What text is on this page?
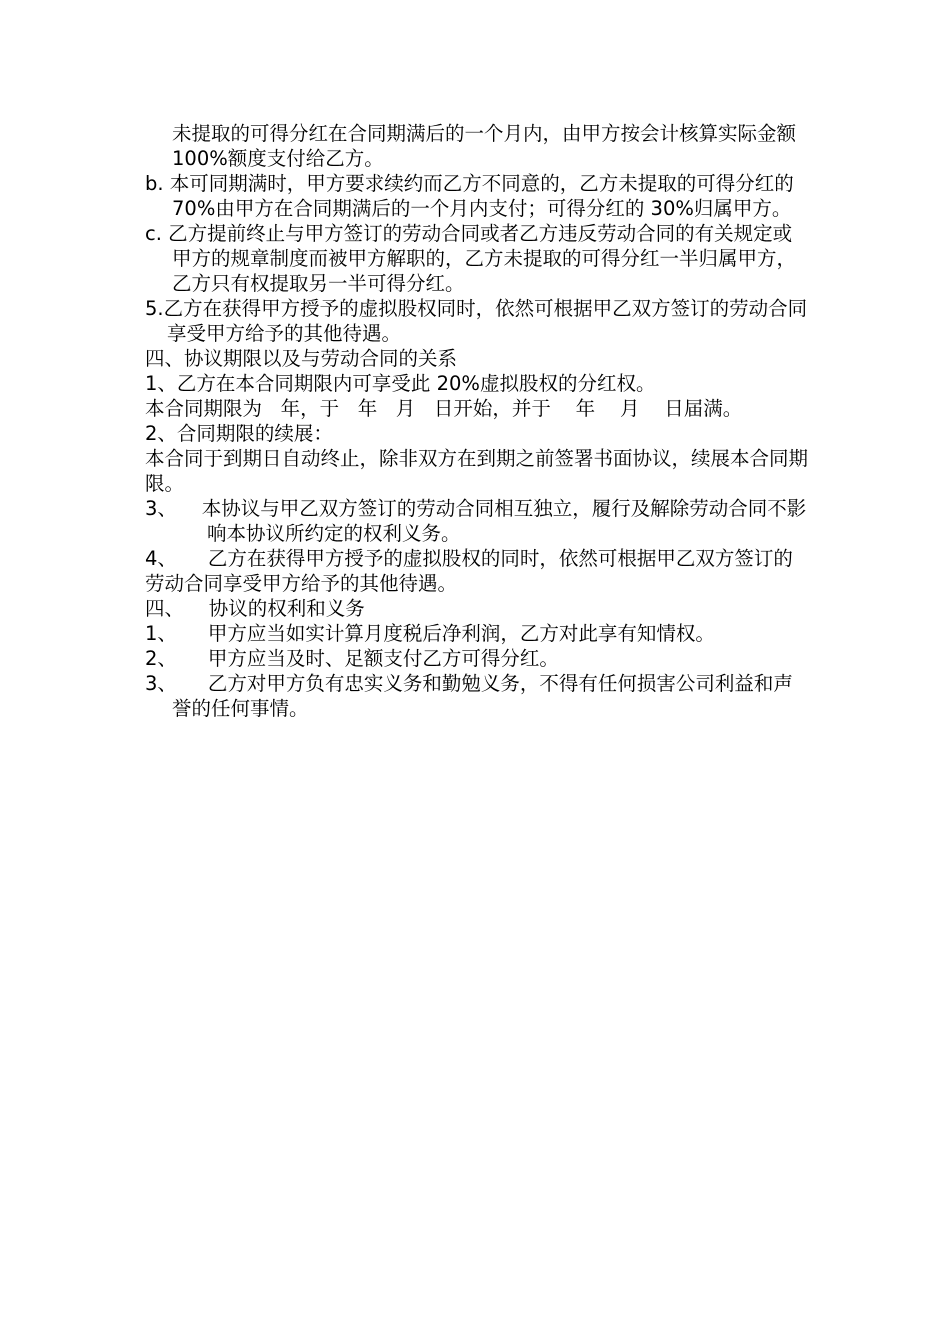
未提取的可得分红在合同期满后的一个月内，由甲方按会计核算实际金额 100%额度支付给乙方。

b. 本可同期满时，甲方要求续约而乙方不同意的，乙方未提取的可得分红的 70%由甲方在合同期满后的一个月内支付；可得分红的 30%归属甲方。

c. 乙方提前终止与甲方签订的劳动合同或者乙方违反劳动合同的有关规定或甲方的规章制度而被甲方解职的，乙方未提取的可得分红一半归属甲方，乙方只有权提取另一半可得分红。

5.乙方在获得甲方授予的虚拟股权同时，依然可根据甲乙双方签订的劳动合同享受甲方给予的其他待遇。

四、协议期限以及与劳动合同的关系

1、乙方在本合同期限内可享受此 20%虚拟股权的分红权。

本合同期限为   年，于   年   月   日开始，并于    年    月    日届满。

2、合同期限的续展：

本合同于到期日自动终止，除非双方在到期之前签署书面协议，续展本合同期限。

3、    本协议与甲乙双方签订的劳动合同相互独立，履行及解除劳动合同不影响本协议所约定的权利义务。

4、     乙方在获得甲方授予的虚拟股权的同时，依然可根据甲乙双方签订的劳动合同享受甲方给予的其他待遇。

四、    协议的权利和义务

1、     甲方应当如实计算月度税后净利润，乙方对此享有知情权。

2、     甲方应当及时、足额支付乙方可得分红。

3、     乙方对甲方负有忠实义务和勤勉义务，不得有任何损害公司利益和声誉的任何事情。
